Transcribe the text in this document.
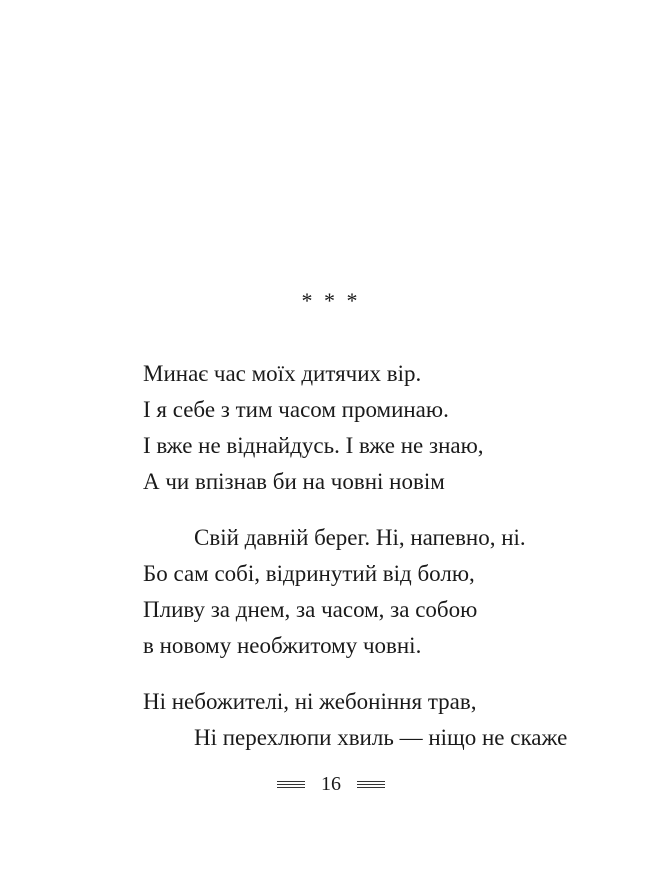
* * *
Минає час моїх дитячих вір.
І я себе з тим часом проминаю.
І вже не віднайдусь. І вже не знаю,
А чи впізнав би на човні новім
Свій давній берег. Ні, напевно, ні.
Бо сам собі, відринутий від болю,
Пливу за днем, за часом, за собою
в новому необжитому човні.
Ні небожителі, ні жебоніння трав,
Ні перехлюпи хвиль — ніщо не скаже
16
